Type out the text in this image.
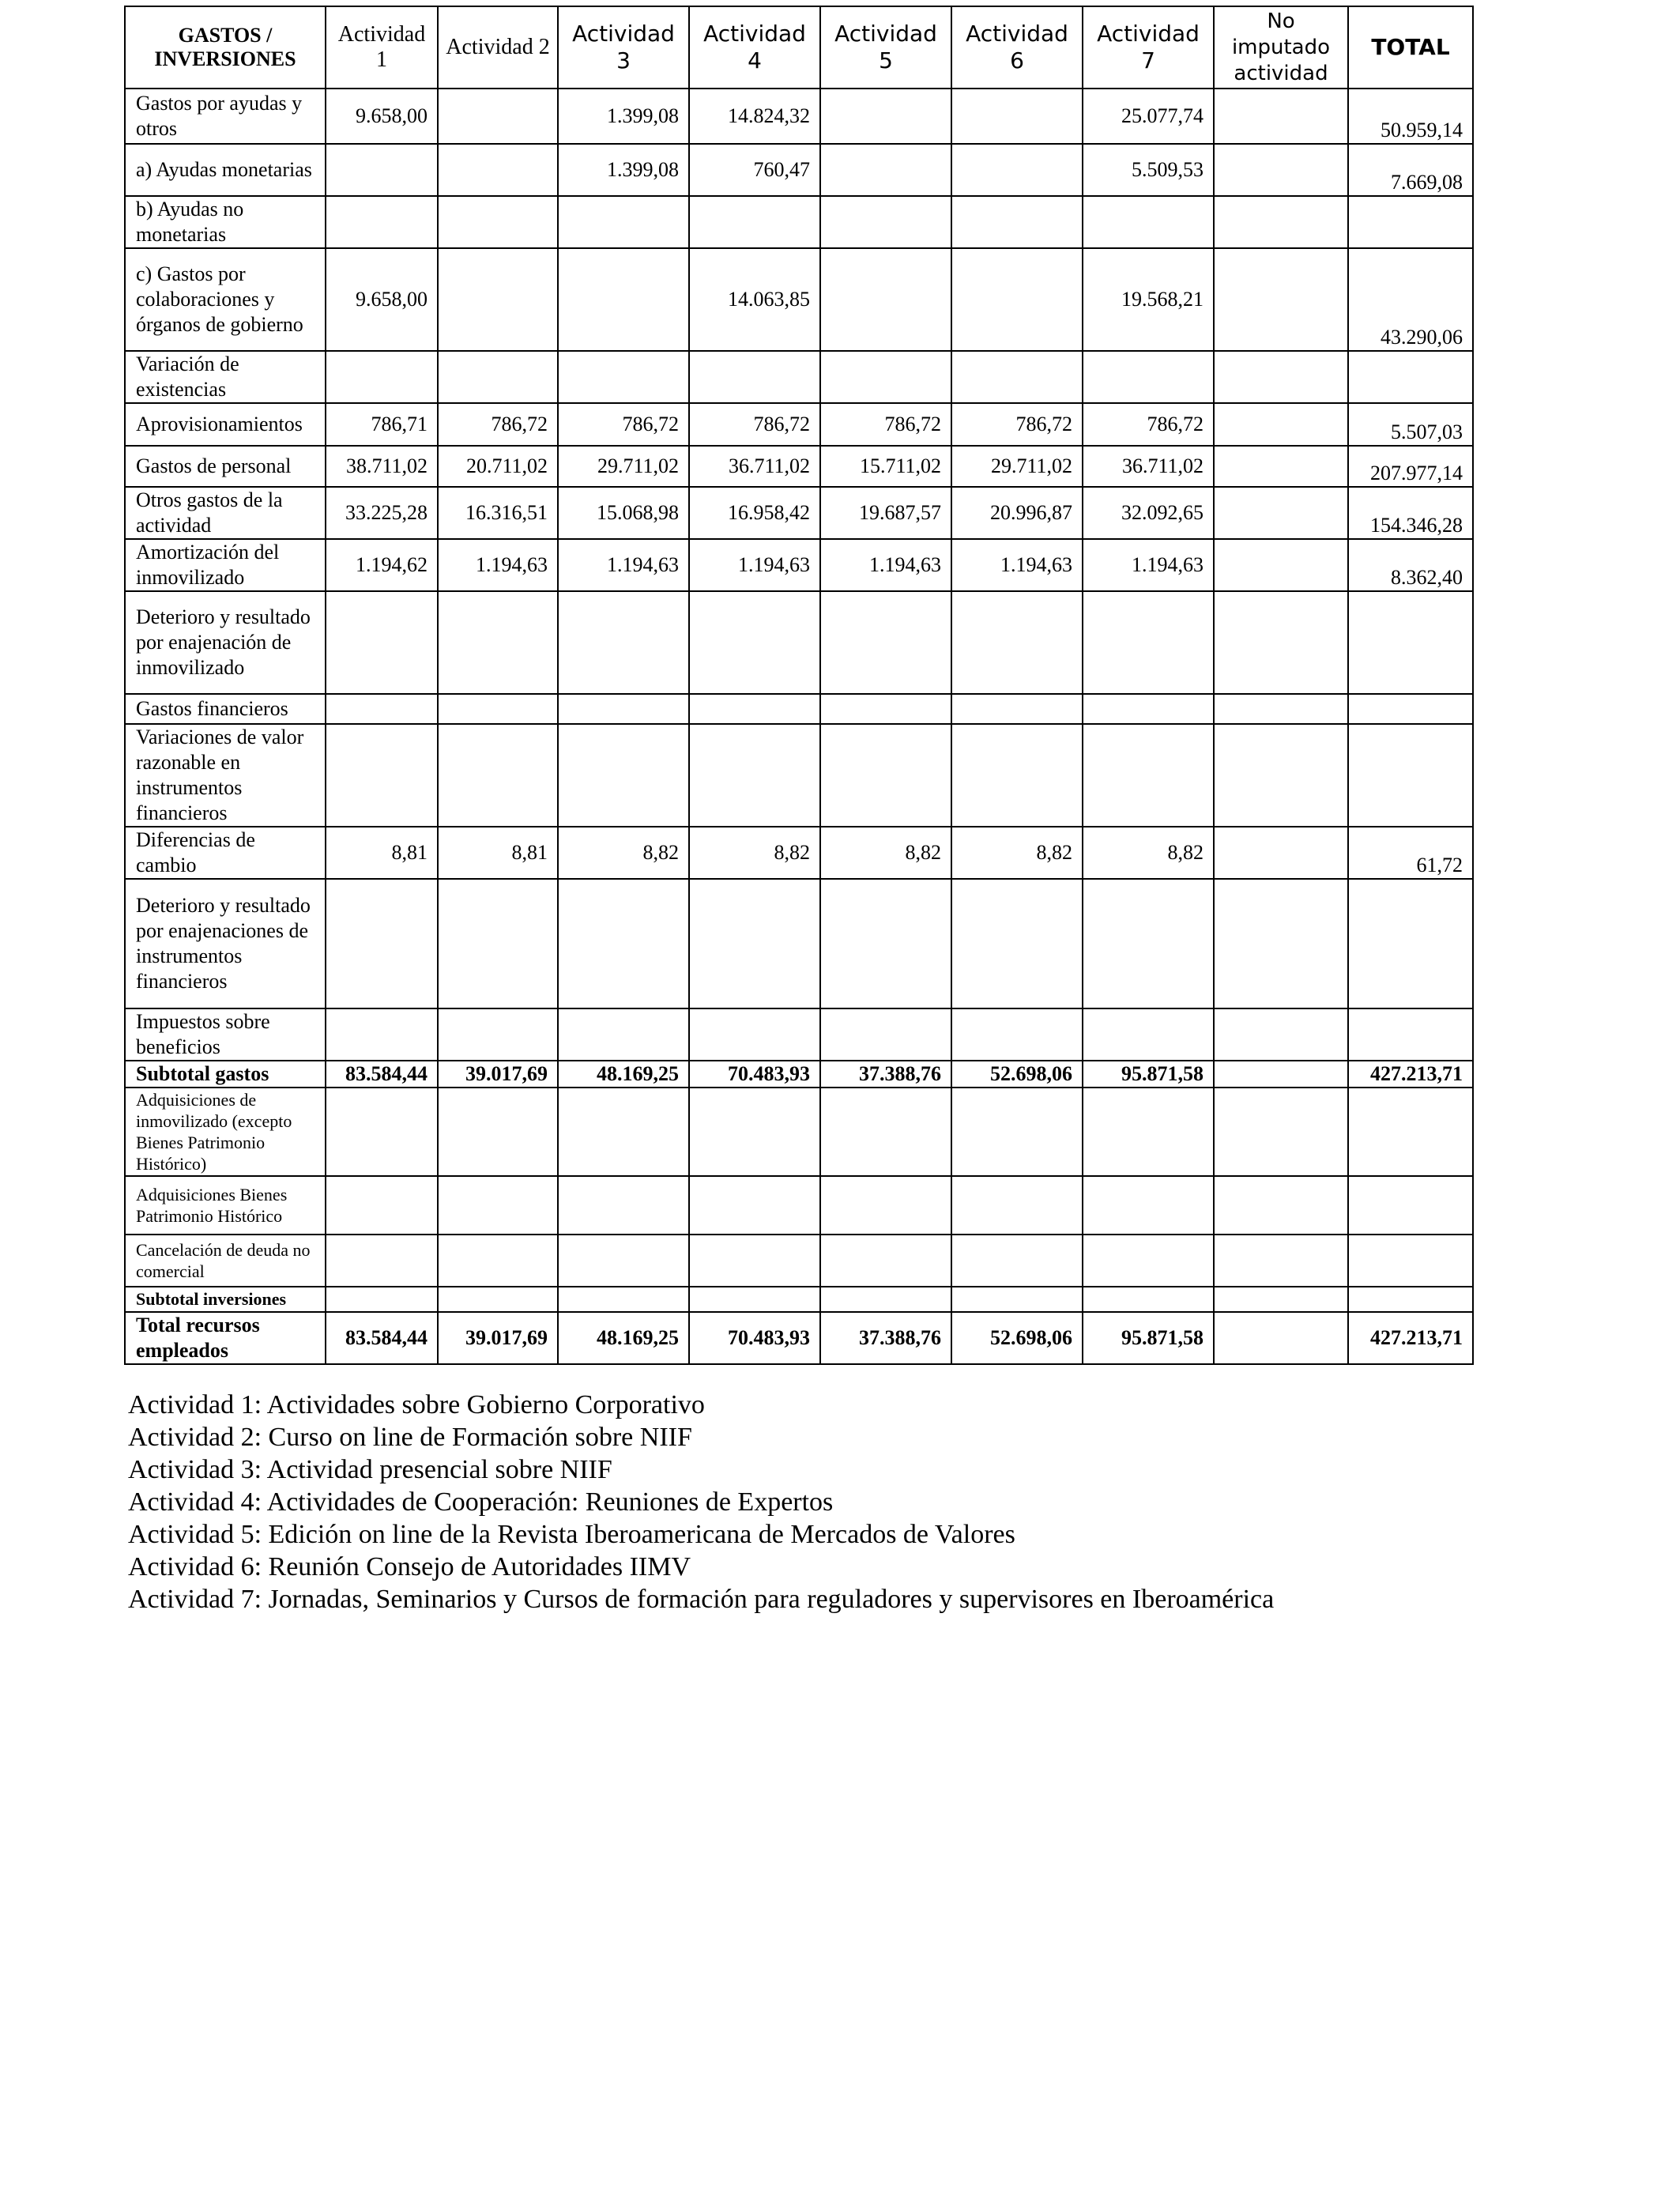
GASTOS / INVERSIONES	Actividad 1	Actividad 2	Actividad 3	Actividad 4	Actividad 5	Actividad 6	Actividad 7	No imputado actividad	TOTAL
Gastos por ayudas y otros	9.658,00		1.399,08	14.824,32			25.077,74		50.959,14
a) Ayudas monetarias			1.399,08	760,47			5.509,53		7.669,08
b) Ayudas no monetarias									
c) Gastos por colaboraciones y órganos de gobierno	9.658,00			14.063,85			19.568,21		43.290,06
Variación de existencias									
Aprovisionamientos	786,71	786,72	786,72	786,72	786,72	786,72	786,72		5.507,03
Gastos de personal	38.711,02	20.711,02	29.711,02	36.711,02	15.711,02	29.711,02	36.711,02		207.977,14
Otros gastos de la actividad	33.225,28	16.316,51	15.068,98	16.958,42	19.687,57	20.996,87	32.092,65		154.346,28
Amortización del inmovilizado	1.194,62	1.194,63	1.194,63	1.194,63	1.194,63	1.194,63	1.194,63		8.362,40
Deterioro y resultado por enajenación de inmovilizado									
Gastos financieros									
Variaciones de valor razonable en instrumentos financieros									
Diferencias de cambio	8,81	8,81	8,82	8,82	8,82	8,82	8,82		61,72
Deterioro y resultado por enajenaciones de instrumentos financieros									
Impuestos sobre beneficios									
Subtotal gastos	83.584,44	39.017,69	48.169,25	70.483,93	37.388,76	52.698,06	95.871,58		427.213,71
Adquisiciones de inmovilizado (excepto Bienes Patrimonio Histórico)									
Adquisiciones Bienes Patrimonio Histórico									
Cancelación de deuda no comercial									
Subtotal inversiones									
Total recursos empleados	83.584,44	39.017,69	48.169,25	70.483,93	37.388,76	52.698,06	95.871,58		427.213,71
Actividad 1: Actividades sobre Gobierno Corporativo
Actividad 2: Curso on line de Formación sobre NIIF
Actividad 3: Actividad presencial sobre NIIF
Actividad 4: Actividades de Cooperación: Reuniones de Expertos
Actividad 5: Edición on line de la Revista Iberoamericana de Mercados de Valores
Actividad 6: Reunión Consejo de Autoridades IIMV
Actividad 7: Jornadas, Seminarios y Cursos de formación para reguladores y supervisores en Iberoamérica
